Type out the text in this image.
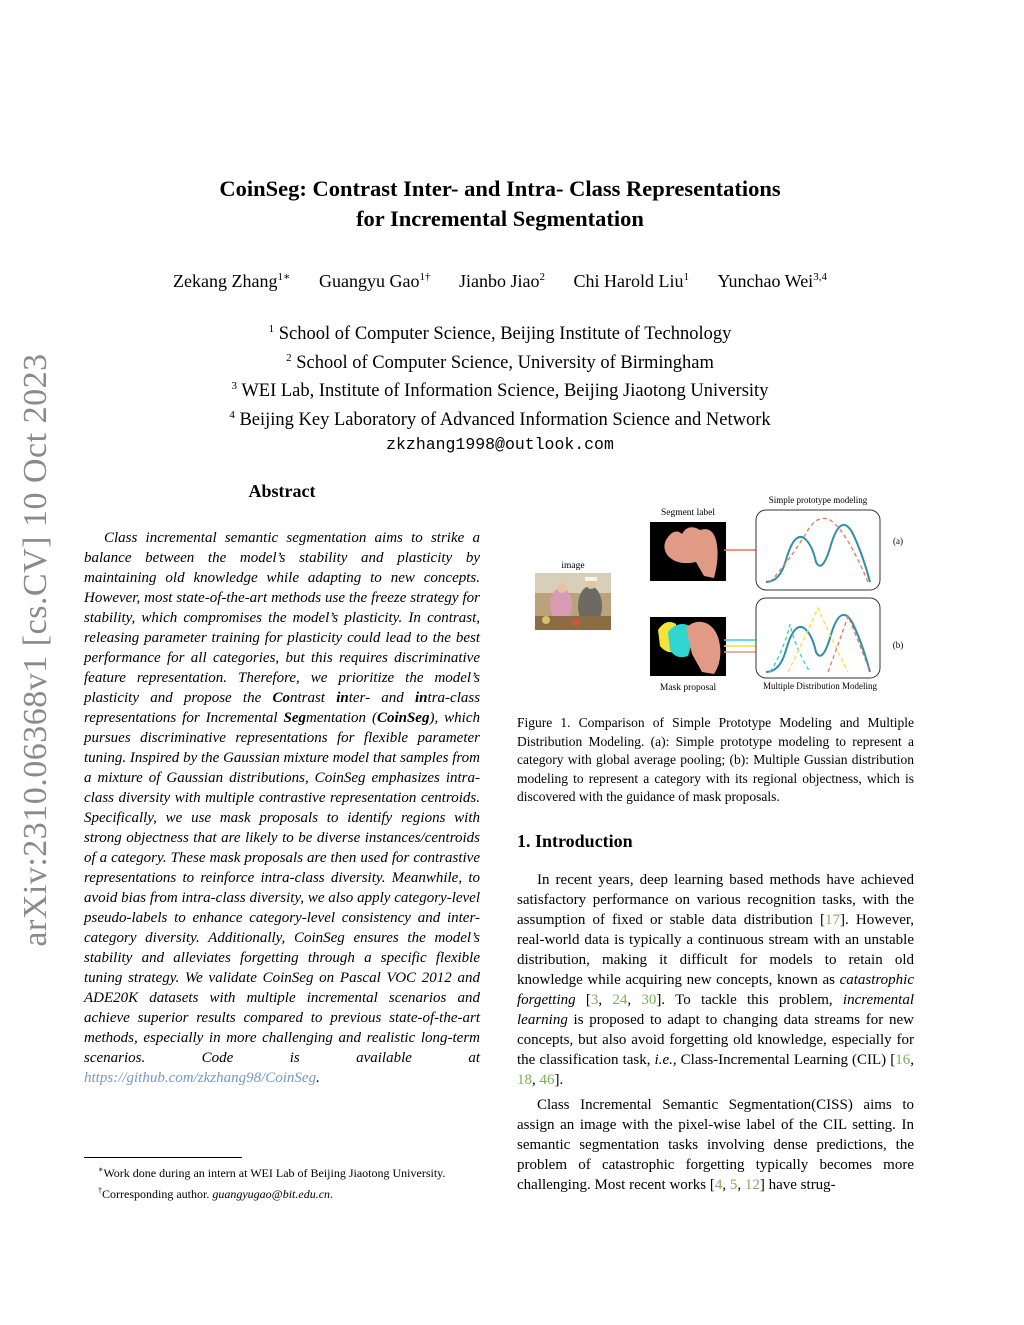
CoinSeg: Contrast Inter- and Intra- Class Representations
for Incremental Segmentation
Zekang Zhang$^{1∗}$ Guangyu Gao$^{1\dagger}$ Jianbo Jiao$^2$ Chi Harold Liu$^1$ Yunchao Wei$^{3,4}$
$^1$ School of Computer Science, Beijing Institute of Technology
$^2$ School of Computer Science, University of Birmingham
$^3$ WEI Lab, Institute of Information Science, Beijing Jiaotong University
$^4$ Beijing Key Laboratory of Advanced Information Science and Network
zkzhang1998@outlook.com
arXiv:2310.06368v1 [cs.CV] 10 Oct 2023	Abstract

Class incremental semantic segmentation aims to strike a balance between the model’s stability and plasticity by maintaining old knowledge while adapting to new concepts. However, most state-of-the-art methods use the freeze strategy for stability, which compromises the model’s plasticity. In contrast, releasing parameter training for plasticity could lead to the best performance for all categories, but this requires discriminative feature representation. Therefore, we prioritize the model’s plasticity and propose the Contrast inter- and intra-class representations for Incremental Segmentation (CoinSeg), which pursues discriminative representations for flexible parameter tuning. Inspired by the Gaussian mixture model that samples from a mixture of Gaussian distributions, CoinSeg emphasizes intra-class diversity with multiple contrastive representation centroids. Specifically, we use mask proposals to identify regions with strong objectness that are likely to be diverse instances/centroids of a category. These mask proposals are then used for contrastive representations to reinforce intra-class diversity. Meanwhile, to avoid bias from intra-class diversity, we also apply category-level pseudo-labels to enhance category-level consistency and inter-category diversity. Additionally, CoinSeg ensures the model’s stability and alleviates forgetting through a specific flexible tuning strategy. We validate CoinSeg on Pascal VOC 2012 and ADE20K datasets with multiple incremental scenarios and achieve superior results compared to previous state-of-the-art methods, especially in more challenging and realistic long-term scenarios. Code is available at https://github.com/zkzhang98/CoinSeg.

∗Work done during an intern at WEI Lab of Beijing Jiaotong University.
†Corresponding author. guangyugao@bit.edu.cn.
image
Segment label
Mask proposal
Simple prototype modeling
(a)
(b)
Multiple Distribution Modeling
Figure 1. Comparison of Simple Prototype Modeling and Multiple Distribution Modeling. (a): Simple prototype modeling to represent a category with global average pooling; (b): Multiple Gussian distribution modeling to represent a category with its regional objectness, which is discovered with the guidance of mask proposals.
1. Introduction

In recent years, deep learning based methods have achieved satisfactory performance on various recognition tasks, with the assumption of fixed or stable data distribution [17]. However, real-world data is typically a continuous stream with an unstable distribution, making it difficult for models to retain old knowledge while acquiring new concepts, known as catastrophic forgetting [3, 24, 30]. To tackle this problem, incremental learning is proposed to adapt to changing data streams for new concepts, but also avoid forgetting old knowledge, especially for the classification task, i.e., Class-Incremental Learning (CIL) [16, 18, 46].

Class Incremental Semantic Segmentation(CISS) aims to assign an image with the pixel-wise label of the CIL setting. In semantic segmentation tasks involving dense predictions, the problem of catastrophic forgetting typically becomes more challenging. Most recent works [4, 5, 12] have strug-
